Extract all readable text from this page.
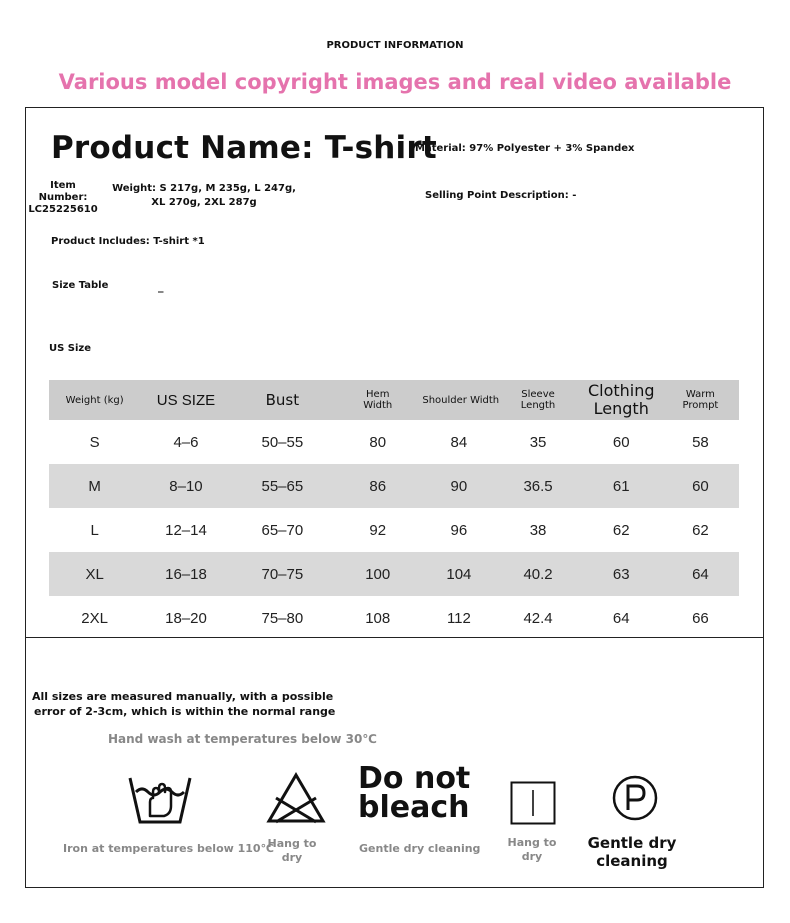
PRODUCT INFORMATION
Various model copyright images and real video available
Product Name: T-shirt
Material: 97% Polyester + 3% Spandex
Item Number:
LC25225610
Weight: S 217g, M 235g, L 247g,
XL 270g, 2XL 287g
Selling Point Description: -
Product Includes: T-shirt *1
Size Table	_
US Size
Weight (kg)	US SIZE	Bust	Hem Width	Shoulder Width	Sleeve Length	Clothing Length	Warm Prompt

S	4–6	50–55	80	84	35	60	58
M	8–10	55–65	86	90	36.5	61	60
L	12–14	65–70	92	96	38	62	62
XL	16–18	70–75	100	104	40.2	63	64
2XL	18–20	75–80	108	112	42.4	64	66
All sizes are measured manually, with a possible
error of 2-3cm, which is within the normal range
Hand wash at temperatures below 30℃
Iron at temperatures below 110℃
Hang to dry
Do not
bleach
Gentle dry cleaning	Hang to dry
Gentle dry cleaning
